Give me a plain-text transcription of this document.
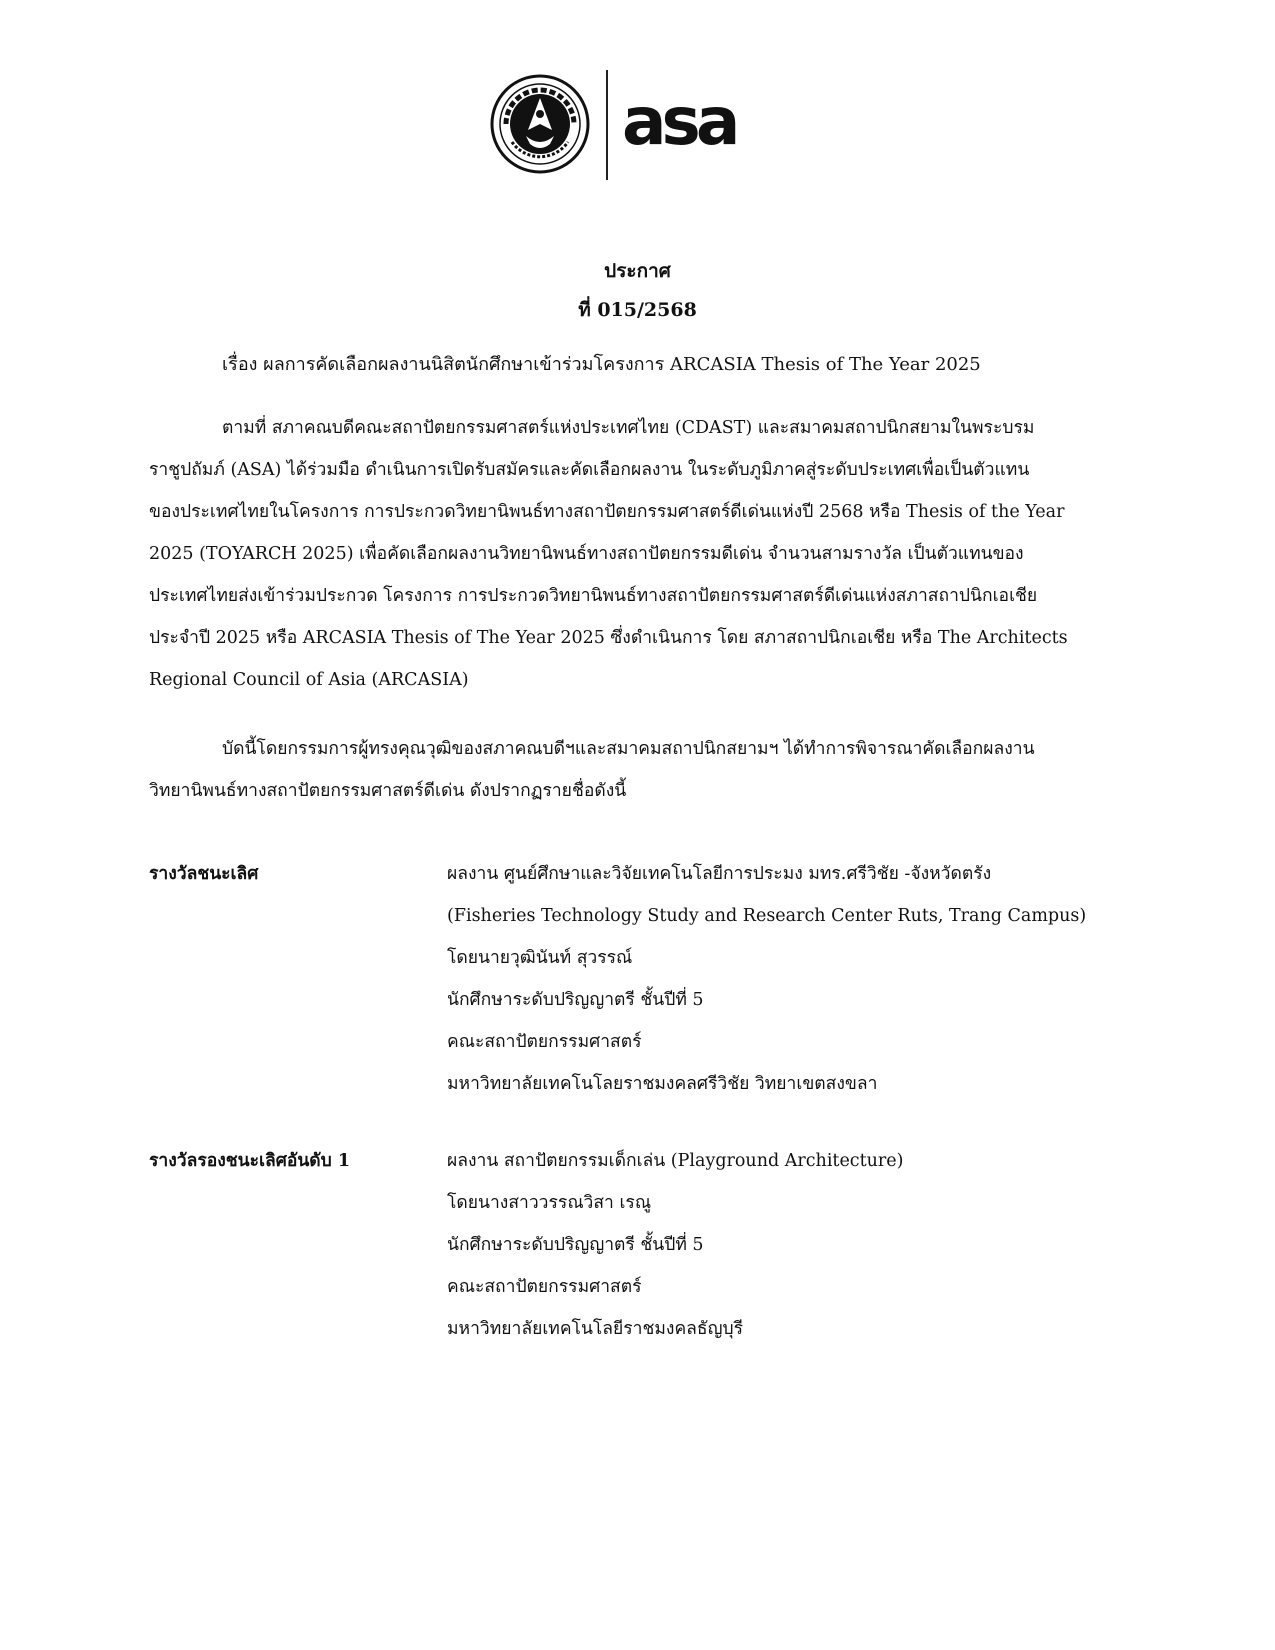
asa
ประกาศ
ที่ 015/2568
เรื่อง ผลการคัดเลือกผลงานนิสิตนักศึกษาเข้าร่วมโครงการ ARCASIA Thesis of The Year 2025
ตามที่ สภาคณบดีคณะสถาปัตยกรรมศาสตร์แห่งประเทศไทย (CDAST) และสมาคมสถาปนิกสยามในพระบรม
ราชูปถัมภ์ (ASA) ได้ร่วมมือ ดำเนินการเปิดรับสมัครและคัดเลือกผลงาน ในระดับภูมิภาคสู่ระดับประเทศเพื่อเป็นตัวแทน
ของประเทศไทยในโครงการ การประกวดวิทยานิพนธ์ทางสถาปัตยกรรมศาสตร์ดีเด่นแห่งปี 2568 หรือ Thesis of the Year
2025 (TOYARCH 2025) เพื่อคัดเลือกผลงานวิทยานิพนธ์ทางสถาปัตยกรรมดีเด่น จำนวนสามรางวัล เป็นตัวแทนของ
ประเทศไทยส่งเข้าร่วมประกวด โครงการ การประกวดวิทยานิพนธ์ทางสถาปัตยกรรมศาสตร์ดีเด่นแห่งสภาสถาปนิกเอเชีย
ประจำปี 2025 หรือ ARCASIA Thesis of The Year 2025 ซึ่งดำเนินการ โดย สภาสถาปนิกเอเชีย หรือ The Architects
Regional Council of Asia (ARCASIA)
บัดนี้โดยกรรมการผู้ทรงคุณวุฒิของสภาคณบดีฯและสมาคมสถาปนิกสยามฯ ได้ทำการพิจารณาคัดเลือกผลงาน
วิทยานิพนธ์ทางสถาปัตยกรรมศาสตร์ดีเด่น ดังปรากฏรายชื่อดังนี้
รางวัลชนะเลิศ	ผลงาน ศูนย์ศึกษาและวิจัยเทคโนโลยีการประมง มทร.ศรีวิชัย -จังหวัดตรัง
(Fisheries Technology Study and Research Center Ruts, Trang Campus)
โดยนายวุฒินันท์ สุวรรณ์
นักศึกษาระดับปริญญาตรี ชั้นปีที่ 5
คณะสถาปัตยกรรมศาสตร์
มหาวิทยาลัยเทคโนโลยราชมงคลศรีวิชัย วิทยาเขตสงขลา
รางวัลรองชนะเลิศอันดับ 1	ผลงาน สถาปัตยกรรมเด็กเล่น (Playground Architecture)
โดยนางสาววรรณวิสา เรณู
นักศึกษาระดับปริญญาตรี ชั้นปีที่ 5
คณะสถาปัตยกรรมศาสตร์
มหาวิทยาลัยเทคโนโลยีราชมงคลธัญบุรี
